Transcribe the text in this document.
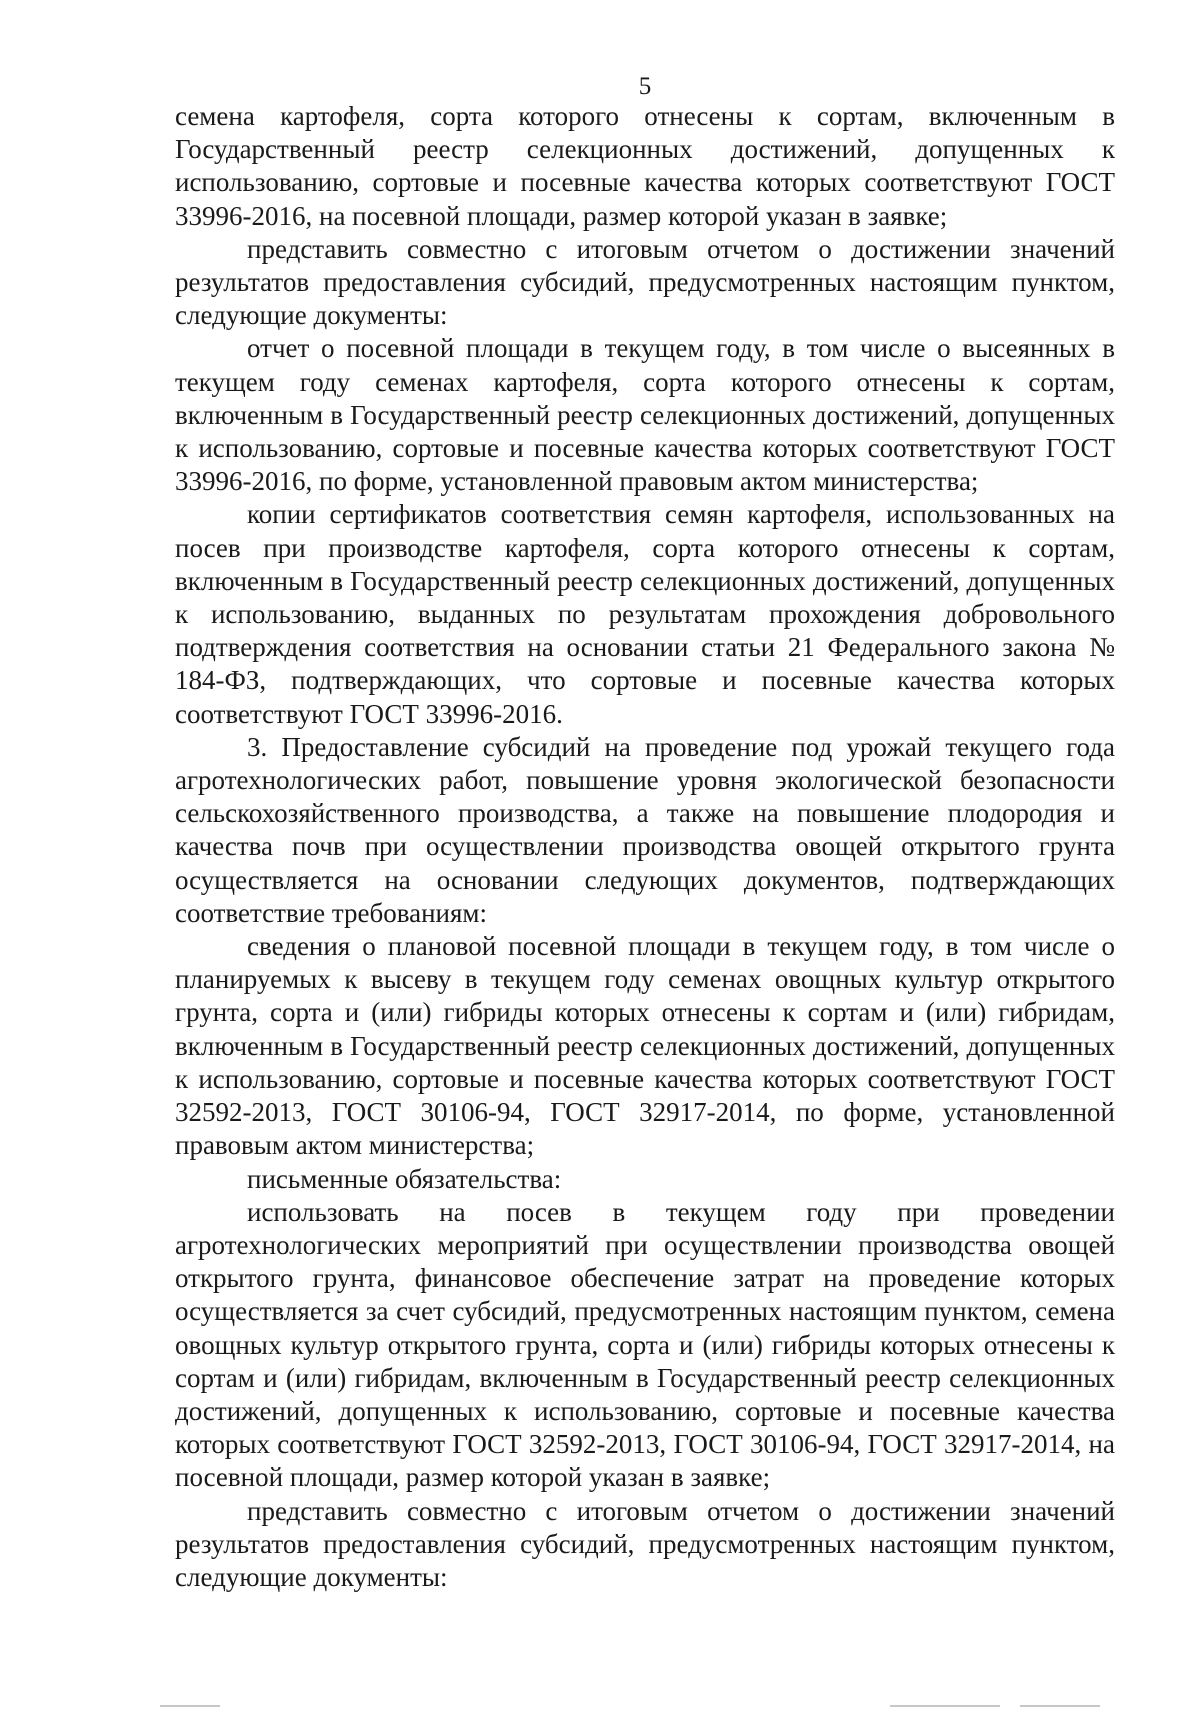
5

семена картофеля, сорта которого отнесены к сортам, включенным в Государственный реестр селекционных достижений, допущенных к использованию, сортовые и посевные качества которых соответствуют ГОСТ 33996-2016, на посевной площади, размер которой указан в заявке;

представить совместно с итоговым отчетом о достижении значений результатов предоставления субсидий, предусмотренных настоящим пунктом, следующие документы:

отчет о посевной площади в текущем году, в том числе о высеянных в текущем году семенах картофеля, сорта которого отнесены к сортам, включенным в Государственный реестр селекционных достижений, допущенных к использованию, сортовые и посевные качества которых соответствуют ГОСТ 33996-2016, по форме, установленной правовым актом министерства;

копии сертификатов соответствия семян картофеля, использованных на посев при производстве картофеля, сорта которого отнесены к сортам, включенным в Государственный реестр селекционных достижений, допущенных к использованию, выданных по результатам прохождения добровольного подтверждения соответствия на основании статьи 21 Федерального закона № 184-ФЗ, подтверждающих, что сортовые и посевные качества которых соответствуют ГОСТ 33996-2016.

3. Предоставление субсидий на проведение под урожай текущего года агротехнологических работ, повышение уровня экологической безопасности сельскохозяйственного производства, а также на повышение плодородия и качества почв при осуществлении производства овощей открытого грунта осуществляется на основании следующих документов, подтверждающих соответствие требованиям:

сведения о плановой посевной площади в текущем году, в том числе о планируемых к высеву в текущем году семенах овощных культур открытого грунта, сорта и (или) гибриды которых отнесены к сортам и (или) гибридам, включенным в Государственный реестр селекционных достижений, допущенных к использованию, сортовые и посевные качества которых соответствуют ГОСТ 32592-2013, ГОСТ 30106-94, ГОСТ 32917-2014, по форме, установленной правовым актом министерства;

письменные обязательства:

использовать на посев в текущем году при проведении агротехнологических мероприятий при осуществлении производства овощей открытого грунта, финансовое обеспечение затрат на проведение которых осуществляется за счет субсидий, предусмотренных настоящим пунктом, семена овощных культур открытого грунта, сорта и (или) гибриды которых отнесены к сортам и (или) гибридам, включенным в Государственный реестр селекционных достижений, допущенных к использованию, сортовые и посевные качества которых соответствуют ГОСТ 32592-2013, ГОСТ 30106-94, ГОСТ 32917-2014, на посевной площади, размер которой указан в заявке;

представить совместно с итоговым отчетом о достижении значений результатов предоставления субсидий, предусмотренных настоящим пунктом, следующие документы:
